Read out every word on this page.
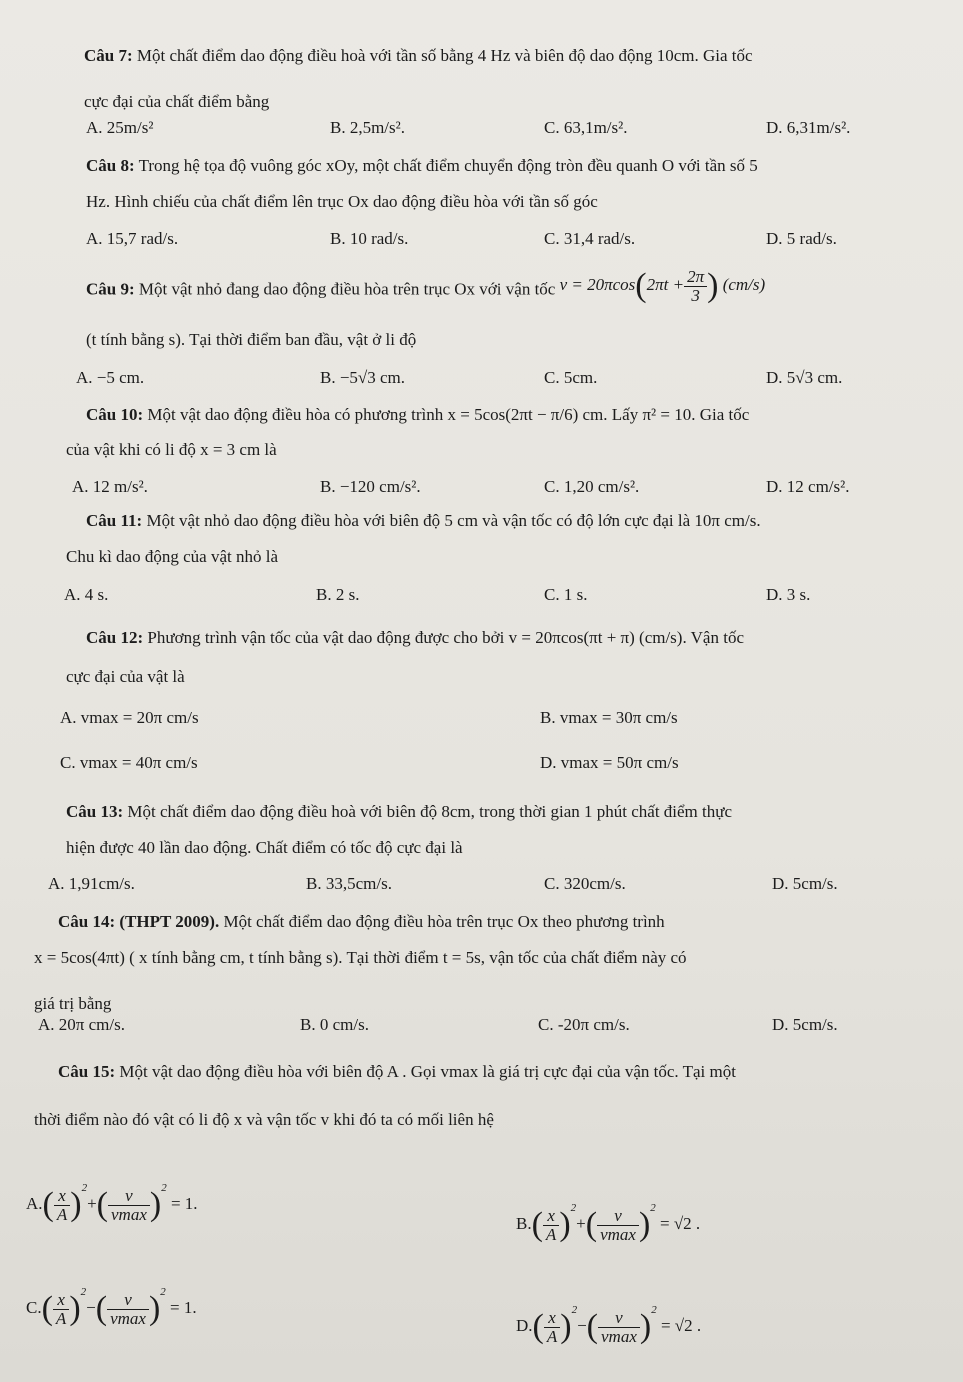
Câu 7: Một chất điểm dao động điều hoà với tần số bằng 4 Hz và biên độ dao động 10cm. Gia tốc
cực đại của chất điểm bằng
A. 25m/s²	B. 2,5m/s².	C. 63,1m/s².	D. 6,31m/s².
Câu 8: Trong hệ tọa độ vuông góc xOy, một chất điểm chuyển động tròn đều quanh O với tần số 5
Hz. Hình chiếu của chất điểm lên trục Ox dao động điều hòa với tần số góc
A. 15,7 rad/s.	B. 10 rad/s.	C. 31,4 rad/s.	D. 5 rad/s.
Câu 9: Một vật nhỏ đang dao động điều hòa trên trục Ox với vận tốc $v = 20\pi\cos(2\pi t + \frac{2\pi}{3}$ ) (cm/s)
(t tính bằng s). Tại thời điểm ban đầu, vật ở li độ
A. −5 cm.	B. −5√3 cm.	C. 5cm.	D. 5√3 cm.
Câu 10: Một vật dao động điều hòa có phương trình x = 5cos(2πt − π/6) cm. Lấy π² = 10. Gia tốc
của vật khi có li độ x = 3 cm là
A. 12 m/s².	B. −120 cm/s².	C. 1,20 cm/s².	D. 12 cm/s².
Câu 11: Một vật nhỏ dao động điều hòa với biên độ 5 cm và vận tốc có độ lớn cực đại là 10π cm/s.
Chu kì dao động của vật nhỏ là
A. 4 s.	B. 2 s.	C. 1 s.	D. 3 s.
Câu 12: Phương trình vận tốc của vật dao động được cho bởi v = 20πcos(πt + π) (cm/s). Vận tốc
cực đại của vật là
A. vmax = 20π cm/s	B. vmax = 30π cm/s
C. vmax = 40π cm/s	D. vmax = 50π cm/s
Câu 13: Một chất điểm dao động điều hoà với biên độ 8cm, trong thời gian 1 phút chất điểm thực
hiện được 40 lần dao động. Chất điểm có tốc độ cực đại là
A. 1,91cm/s.	B. 33,5cm/s.	C. 320cm/s.	D. 5cm/s.
Câu 14: (THPT 2009). Một chất điểm dao động điều hòa trên trục Ox theo phương trình
x = 5cos(4πt) ( x tính bằng cm, t tính bằng s). Tại thời điểm t = 5s, vận tốc của chất điểm này có
giá trị bằng
A. 20π cm/s.	B. 0 cm/s.	C. -20π cm/s.	D. 5cm/s.
Câu 15: Một vật dao động điều hòa với biên độ A . Gọi vmax là giá trị cực đại của vận tốc. Tại một
thời điểm nào đó vật có li độ x và vận tốc v khi đó ta có mối liên hệ
$A.( \frac{x}{A} )^2+( \frac{v}{vmax} )^2 = 1$.
$B.( \frac{x}{A} )^2+( \frac{v}{vmax} )^2 = √2$ .
$C.( \frac{x}{A} )^2-( \frac{v}{vmax} )^2 = 1$.
$D.( \frac{x}{A} )^2-( \frac{v}{vmax} )^2 = √2$ .
